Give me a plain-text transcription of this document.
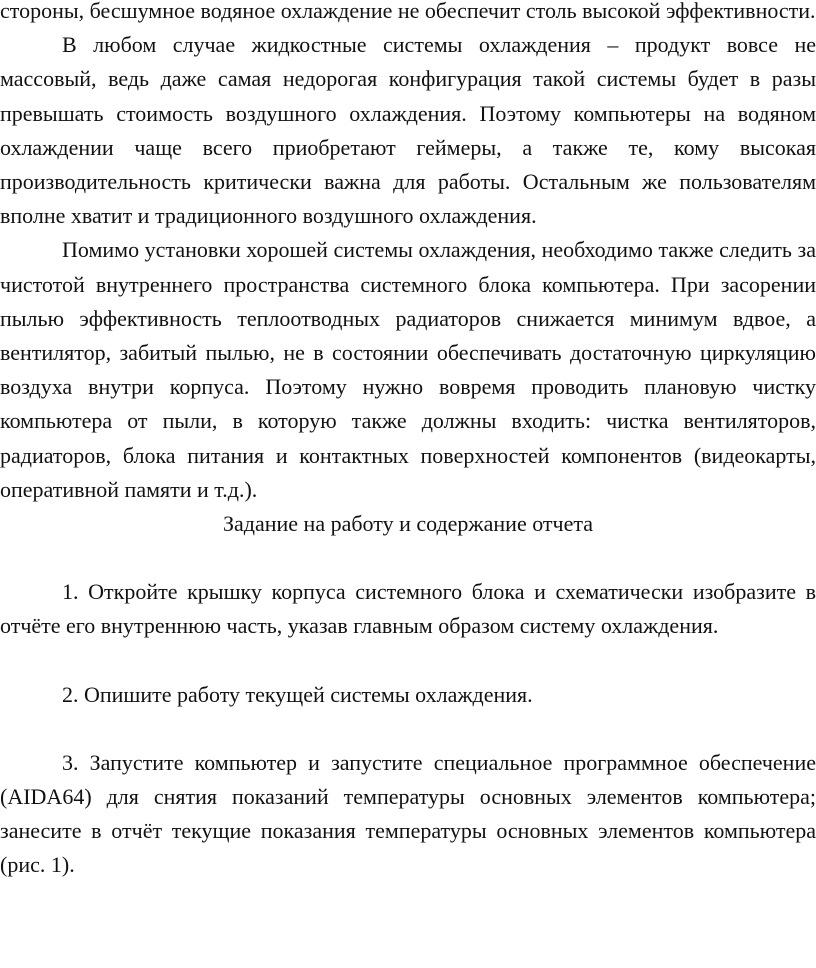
стороны, бесшумное водяное охлаждение не обеспечит столь высокой эффективности.

В любом случае жидкостные системы охлаждения – продукт вовсе не массовый, ведь даже самая недорогая конфигурация такой системы будет в разы превышать стоимость воздушного охлаждения. Поэтому компьютеры на водяном охлаждении чаще всего приобретают геймеры, а также те, кому высокая производительность критически важна для работы. Остальным же пользователям вполне хватит и традиционного воздушного охлаждения.

Помимо установки хорошей системы охлаждения, необходимо также следить за чистотой внутреннего пространства системного блока компьютера. При засорении пылью эффективность теплоотводных радиаторов снижается минимум вдвое, а вентилятор, забитый пылью, не в состоянии обеспечивать достаточную циркуляцию воздуха внутри корпуса. Поэтому нужно вовремя проводить плановую чистку компьютера от пыли, в которую также должны входить: чистка вентиляторов, радиаторов, блока питания и контактных поверхностей компонентов (видеокарты, оперативной памяти и т.д.).

Задание на работу и содержание отчета

1. Откройте крышку корпуса системного блока и схематически изобразите в отчёте его внутреннюю часть, указав главным образом систему охлаждения.

2. Опишите работу текущей системы охлаждения.

3. Запустите компьютер и запустите специальное программное обеспечение (AIDA64) для снятия показаний температуры основных элементов компьютера; занесите в отчёт текущие показания температуры основных элементов компьютера (рис. 1).
